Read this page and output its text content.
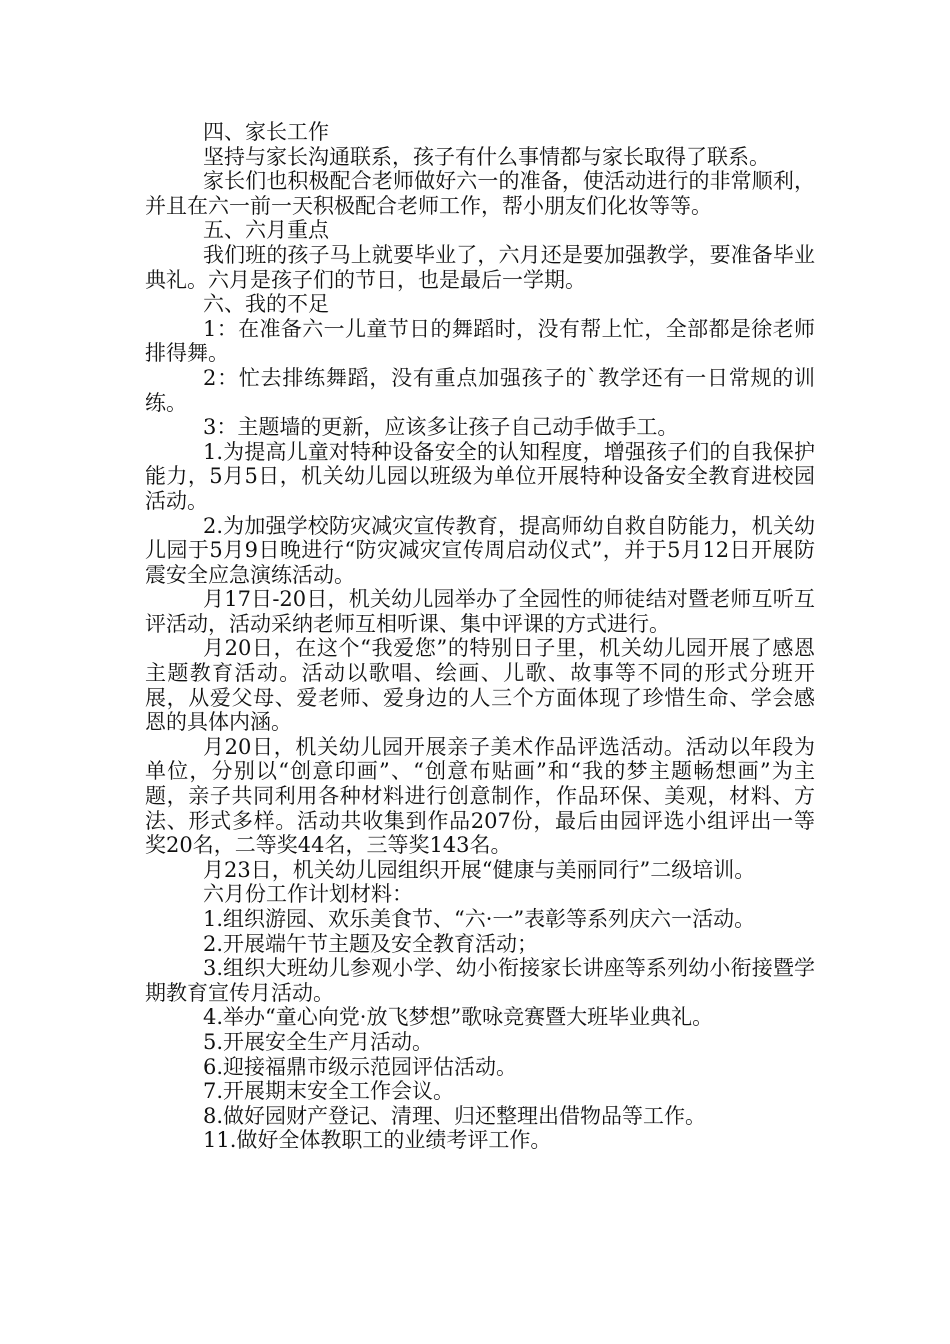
四、家长工作

坚持与家长沟通联系，孩子有什么事情都与家长取得了联系。

家长们也积极配合老师做好六一的准备，使活动进行的非常顺利，并且在六一前一天积极配合老师工作，帮小朋友们化妆等等。

五、六月重点

我们班的孩子马上就要毕业了，六月还是要加强教学，要准备毕业典礼。六月是孩子们的节日，也是最后一学期。

六、我的不足

1：在准备六一儿童节日的舞蹈时，没有帮上忙，全部都是徐老师排得舞。

2：忙去排练舞蹈，没有重点加强孩子的`教学还有一日常规的训练。

3：主题墙的更新，应该多让孩子自己动手做手工。

1.为提高儿童对特种设备安全的认知程度，增强孩子们的自我保护能力，5月5日，机关幼儿园以班级为单位开展特种设备安全教育进校园活动。

2.为加强学校防灾减灾宣传教育，提高师幼自救自防能力，机关幼儿园于5月9日晚进行“防灾减灾宣传周启动仪式”，并于5月12日开展防震安全应急演练活动。

月17日-20日，机关幼儿园举办了全园性的师徒结对暨老师互听互评活动，活动采纳老师互相听课、集中评课的方式进行。

月20日，在这个“我爱您”的特别日子里，机关幼儿园开展了感恩主题教育活动。活动以歌唱、绘画、儿歌、故事等不同的形式分班开展，从爱父母、爱老师、爱身边的人三个方面体现了珍惜生命、学会感恩的具体内涵。

月20日，机关幼儿园开展亲子美术作品评选活动。活动以年段为单位，分别以“创意印画”、“创意布贴画”和“我的梦主题畅想画”为主题，亲子共同利用各种材料进行创意制作，作品环保、美观，材料、方法、形式多样。活动共收集到作品207份，最后由园评选小组评出一等奖20名，二等奖44名，三等奖143名。

月23日，机关幼儿园组织开展“健康与美丽同行”二级培训。

六月份工作计划材料：

1.组织游园、欢乐美食节、“六·一”表彰等系列庆六一活动。

2.开展端午节主题及安全教育活动；

3.组织大班幼儿参观小学、幼小衔接家长讲座等系列幼小衔接暨学期教育宣传月活动。

4.举办“童心向党·放飞梦想”歌咏竞赛暨大班毕业典礼。

5.开展安全生产月活动。

6.迎接福鼎市级示范园评估活动。

7.开展期末安全工作会议。

8.做好园财产登记、清理、归还整理出借物品等工作。

11.做好全体教职工的业绩考评工作。
